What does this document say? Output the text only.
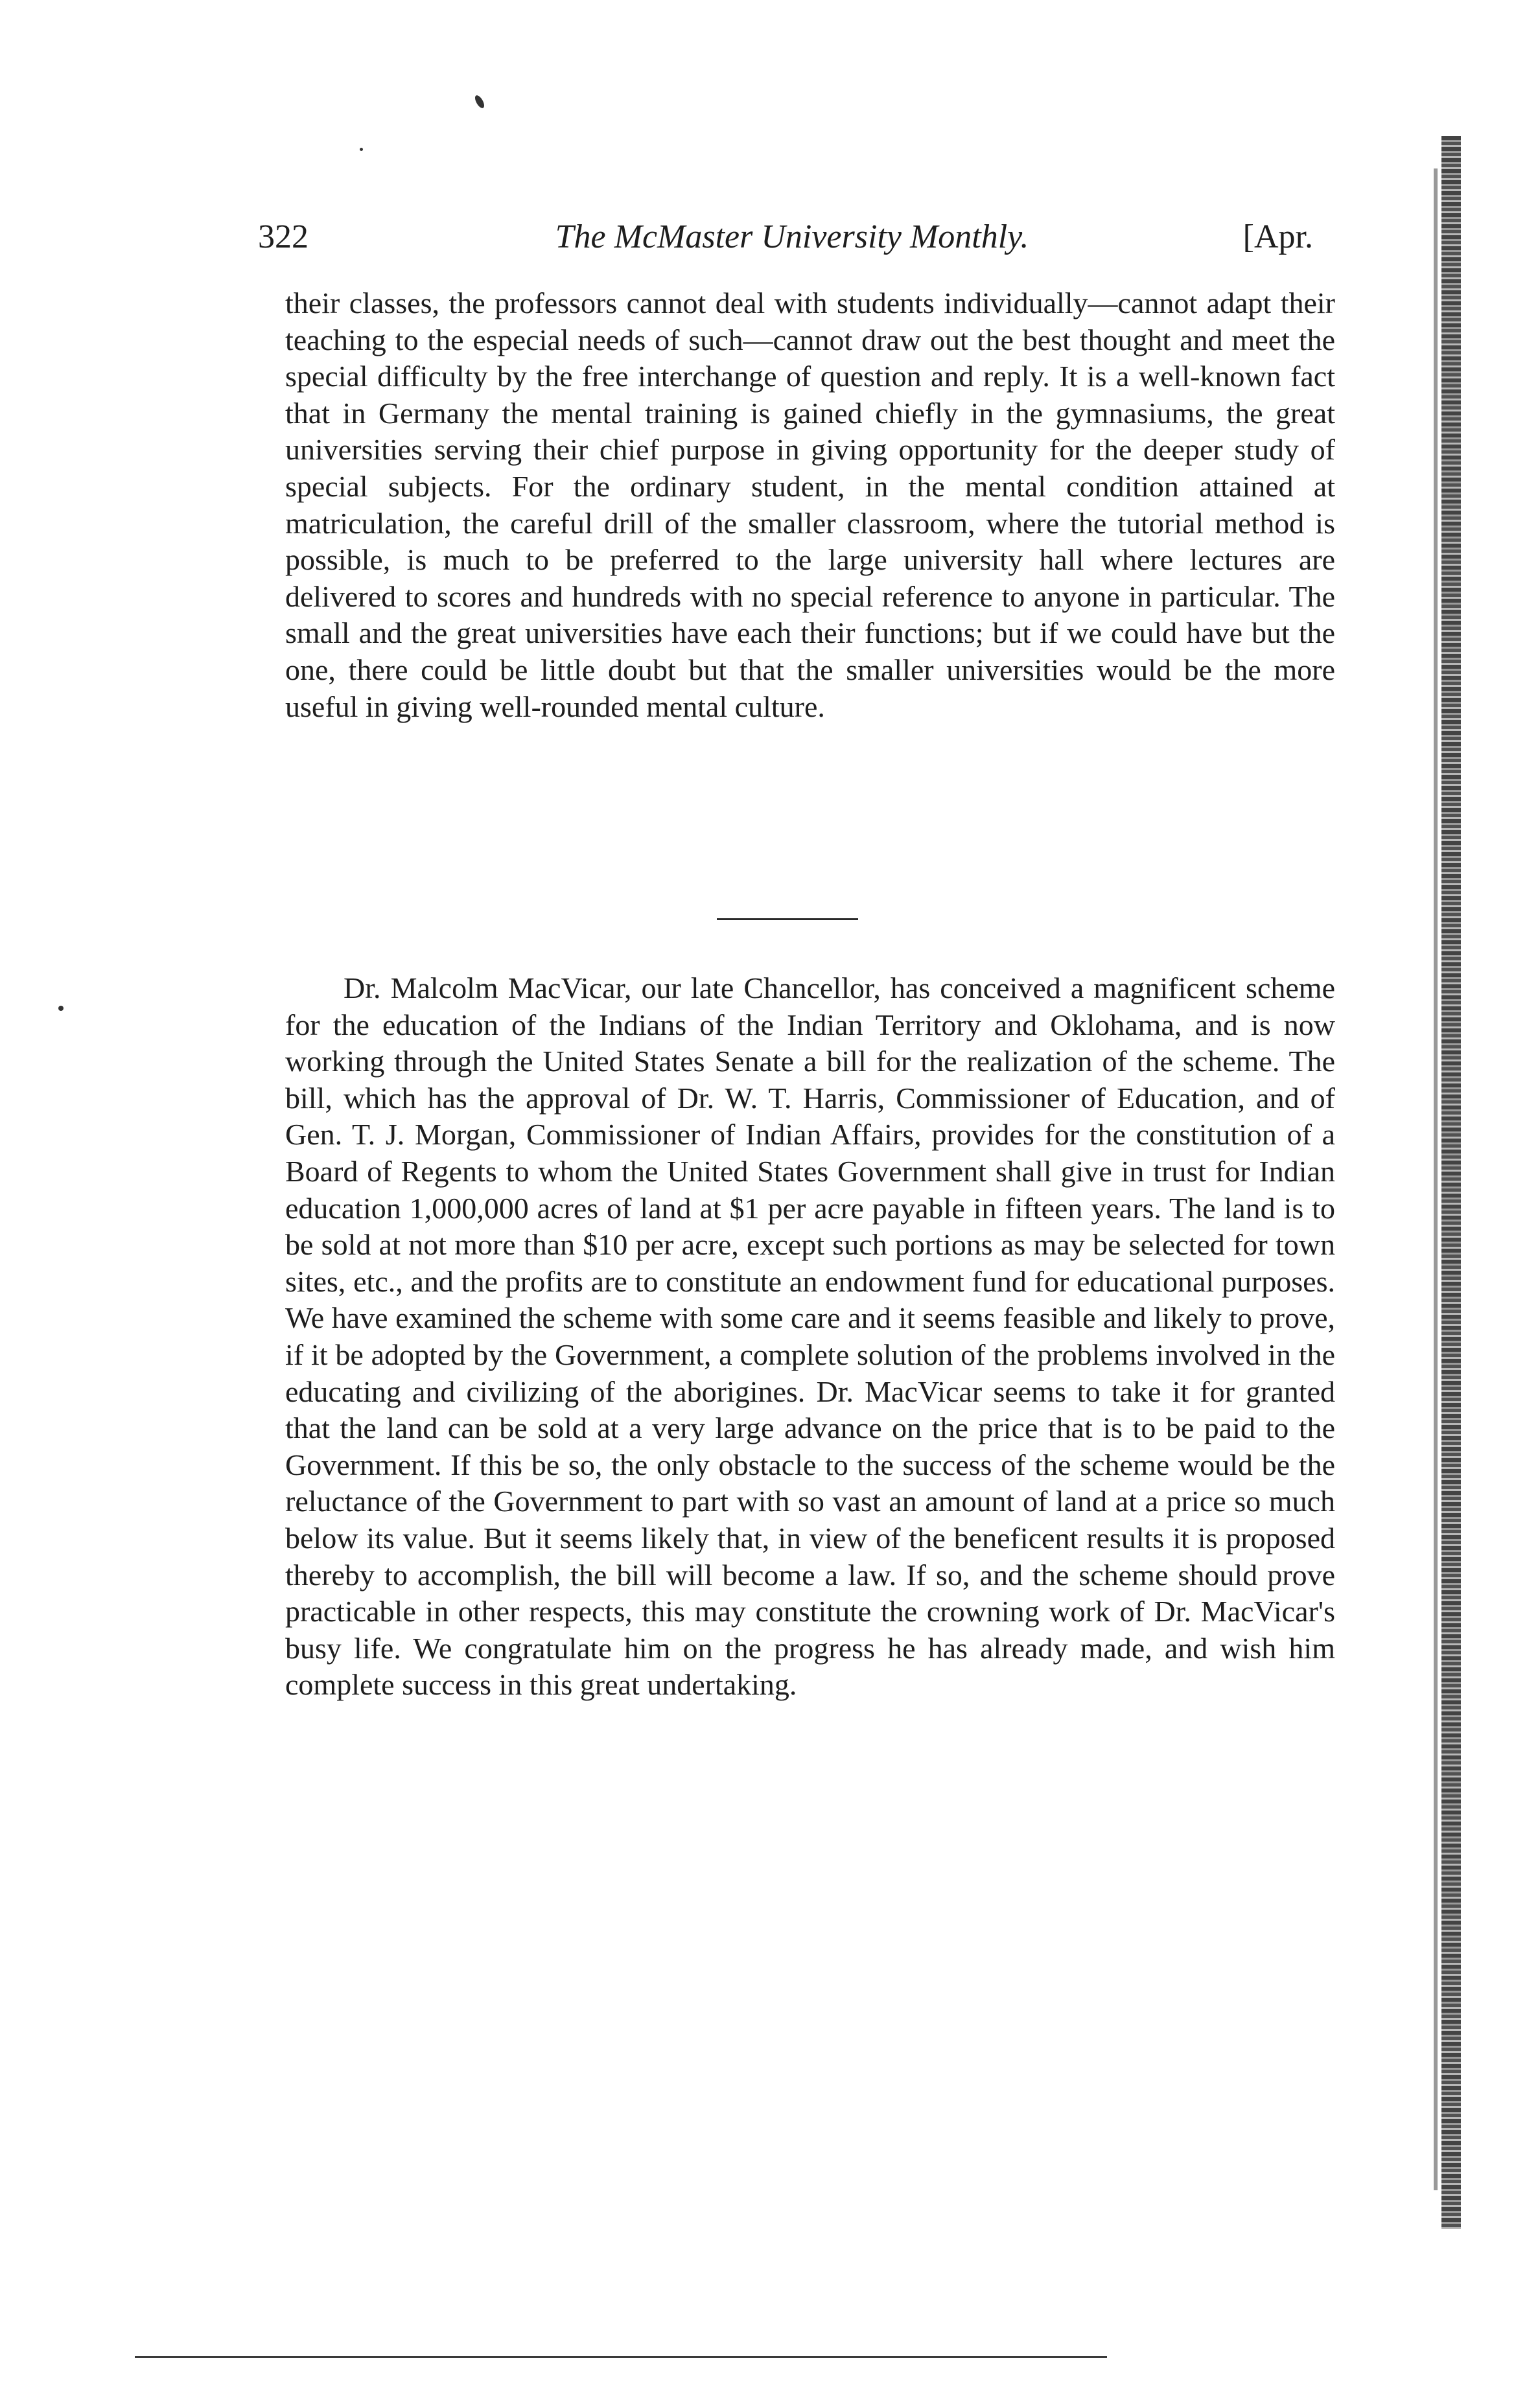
322	The McMaster University Monthly.	[Apr.

their classes, the professors cannot deal with students individually—cannot adapt their teaching to the especial needs of such—cannot draw out the best thought and meet the special difficulty by the free interchange of question and reply. It is a well-known fact that in Germany the mental training is gained chiefly in the gymnasiums, the great universities serving their chief purpose in giving opportunity for the deeper study of special subjects. For the ordinary student, in the mental condition attained at matriculation, the careful drill of the smaller classroom, where the tutorial method is possible, is much to be preferred to the large university hall where lectures are delivered to scores and hundreds with no special reference to anyone in particular. The small and the great universities have each their functions; but if we could have but the one, there could be little doubt but that the smaller universities would be the more useful in giving well-rounded mental culture.

Dr. Malcolm MacVicar, our late Chancellor, has conceived a magnificent scheme for the education of the Indians of the Indian Territory and Oklohama, and is now working through the United States Senate a bill for the realization of the scheme. The bill, which has the approval of Dr. W. T. Harris, Commissioner of Education, and of Gen. T. J. Morgan, Commissioner of Indian Affairs, provides for the constitution of a Board of Regents to whom the United States Government shall give in trust for Indian education 1,000,000 acres of land at $1 per acre payable in fifteen years. The land is to be sold at not more than $10 per acre, except such portions as may be selected for town sites, etc., and the profits are to constitute an endowment fund for educational purposes. We have examined the scheme with some care and it seems feasible and likely to prove, if it be adopted by the Government, a complete solution of the problems involved in the educating and civilizing of the aborigines. Dr. MacVicar seems to take it for granted that the land can be sold at a very large advance on the price that is to be paid to the Government. If this be so, the only obstacle to the success of the scheme would be the reluctance of the Government to part with so vast an amount of land at a price so much below its value. But it seems likely that, in view of the beneficent results it is proposed thereby to accomplish, the bill will become a law. If so, and the scheme should prove practicable in other respects, this may constitute the crowning work of Dr. MacVicar's busy life. We congratulate him on the progress he has already made, and wish him complete success in this great undertaking.
